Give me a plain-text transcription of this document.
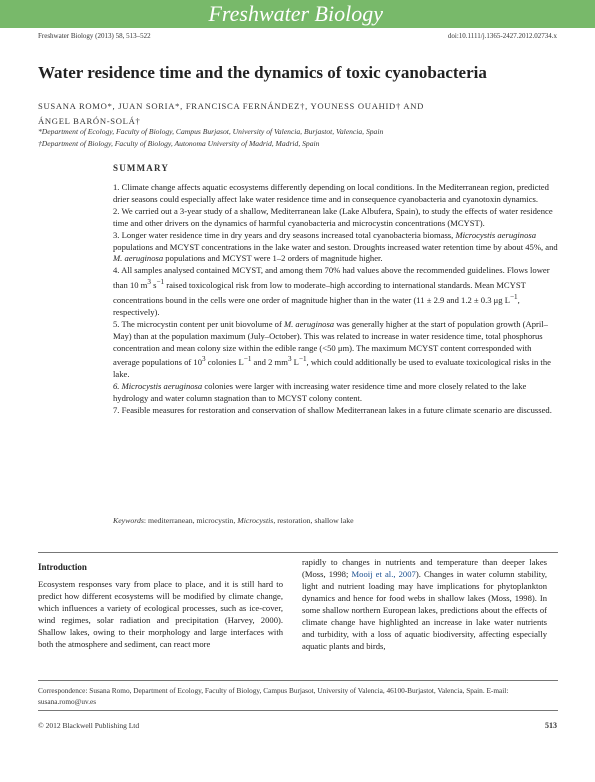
Freshwater Biology
Freshwater Biology (2013) 58, 513–522	doi:10.1111/j.1365-2427.2012.02734.x
Water residence time and the dynamics of toxic cyanobacteria
SUSANA ROMO*, JUAN SORIA*, FRANCISCA FERNÁNDEZ†, YOUNESS OUAHID† AND
ÁNGEL BARÓN-SOLÁ†
*Department of Ecology, Faculty of Biology, Campus Burjasot, University of Valencia, Burjastot, Valencia, Spain
†Department of Biology, Faculty of Biology, Autonoma University of Madrid, Madrid, Spain
SUMMARY

1. Climate change affects aquatic ecosystems differently depending on local conditions. In the Mediterranean region, predicted drier seasons could especially affect lake water residence time and in consequence cyanobacteria and cyanotoxin dynamics.

2. We carried out a 3-year study of a shallow, Mediterranean lake (Lake Albufera, Spain), to study the effects of water residence time and other drivers on the dynamics of harmful cyanobacteria and microcystin concentrations (MCYST).

3. Longer water residence time in dry years and dry seasons increased total cyanobacteria biomass, Microcystis aeruginosa populations and MCYST concentrations in the lake water and seston. Droughts increased water retention time by about 45%, and M. aeruginosa populations and MCYST were 1–2 orders of magnitude higher.

4. All samples analysed contained MCYST, and among them 70% had values above the recommended guidelines. Flows lower than 10 $m^3$ $s^{-1}$ raised toxicological risk from low to moderate–high according to international standards. Mean MCYST concentrations bound in the cells were one order of magnitude higher than in the water (11 ± 2.9 and 1.2 ± 0.3 μg $L^{-1}$, respectively).

5. The microcystin content per unit biovolume of M. aeruginosa was generally higher at the start of population growth (April–May) than at the population maximum (July–October). This was related to increase in water residence time, total phosphorus concentration and mean colony size within the edible range (<50 μm). The maximum MCYST content corresponded with average populations of $10^3$ colonies $L^{-1}$ and 2 $mm^3$ $L^{-1}$, which could additionally be used to evaluate toxicological risks in the lake.

6. Microcystis aeruginosa colonies were larger with increasing water residence time and more closely related to the lake hydrology and water column stagnation than to MCYST colony content.

7. Feasible measures for restoration and conservation of shallow Mediterranean lakes in a future climate scenario are discussed.

Keywords: mediterranean, microcystin, Microcystis, restoration, shallow lake
Introduction
Ecosystem responses vary from place to place, and it is still hard to predict how different ecosystems will be modified by climate change, which influences a variety of ecological processes, such as ice-cover, wind regimes, solar radiation and precipitation (Harvey, 2000). Shallow lakes, owing to their morphology and large interfaces with both the atmosphere and sediment, can react more
rapidly to changes in nutrients and temperature than deeper lakes (Moss, 1998; Mooij et al., 2007). Changes in water column stability, light and nutrient loading may have implications for phytoplankton dynamics and hence for food webs in shallow lakes (Moss, 1998). In some shallow northern European lakes, predictions about the effects of climate change have highlighted an increase in lake water nutrients and turbidity, with a loss of aquatic biodiversity, affecting especially aquatic plants and birds,
Correspondence: Susana Romo, Department of Ecology, Faculty of Biology, Campus Burjasot, University of Valencia, 46100-Burjastot, Valencia, Spain. E-mail: susana.romo@uv.es
© 2012 Blackwell Publishing Ltd	513
